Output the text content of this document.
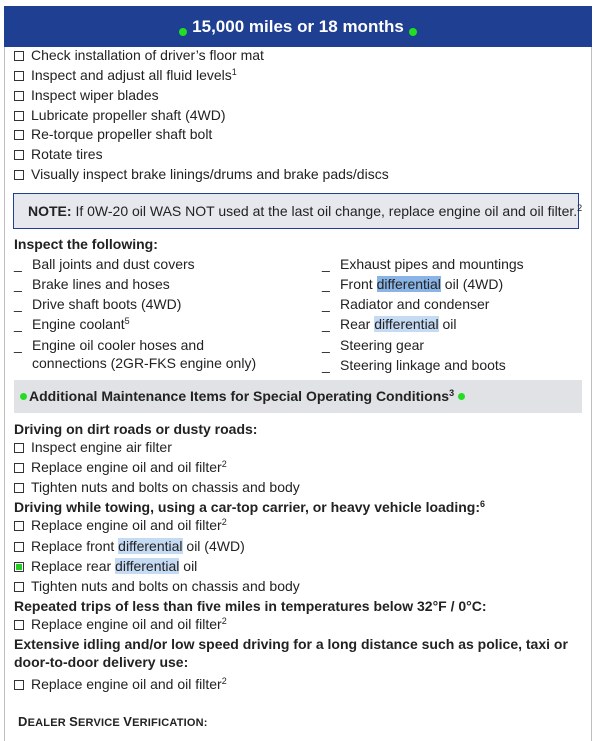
15,000 miles or 18 months
Check installation of driver’s floor mat
Inspect and adjust all fluid levels$^1$
Inspect wiper blades
Lubricate propeller shaft (4WD)
Re-torque propeller shaft bolt
Rotate tires
Visually inspect brake linings/drums and brake pads/discs
NOTE: If 0W-20 oil WAS NOT used at the last oil change, replace engine oil and oil filter.$^2$
Inspect the following:
_ Ball joints and dust covers
_ Brake lines and hoses
_ Drive shaft boots (4WD)
_ Engine coolant$^5$
_ Engine oil cooler hoses and
connections (2GR-FKS engine only)
_ Exhaust pipes and mountings
_ Front differential oil (4WD)
_ Radiator and condenser
_ Rear differential oil
_ Steering gear
_ Steering linkage and boots
Additional Maintenance Items for Special Operating Conditions$^3$
Driving on dirt roads or dusty roads:
Inspect engine air filter
Replace engine oil and oil filter$^2$
Tighten nuts and bolts on chassis and body
Driving while towing, using a car-top carrier, or heavy vehicle loading:$^6$
Replace engine oil and oil filter$^2$
Replace front differential oil (4WD)
Replace rear differential oil
Tighten nuts and bolts on chassis and body
Repeated trips of less than five miles in temperatures below 32°F / 0°C:
Replace engine oil and oil filter$^2$
Extensive idling and/or low speed driving for a long distance such as police, taxi or
door-to-door delivery use:
Replace engine oil and oil filter$^2$
DEALER SERVICE VERIFICATION:
